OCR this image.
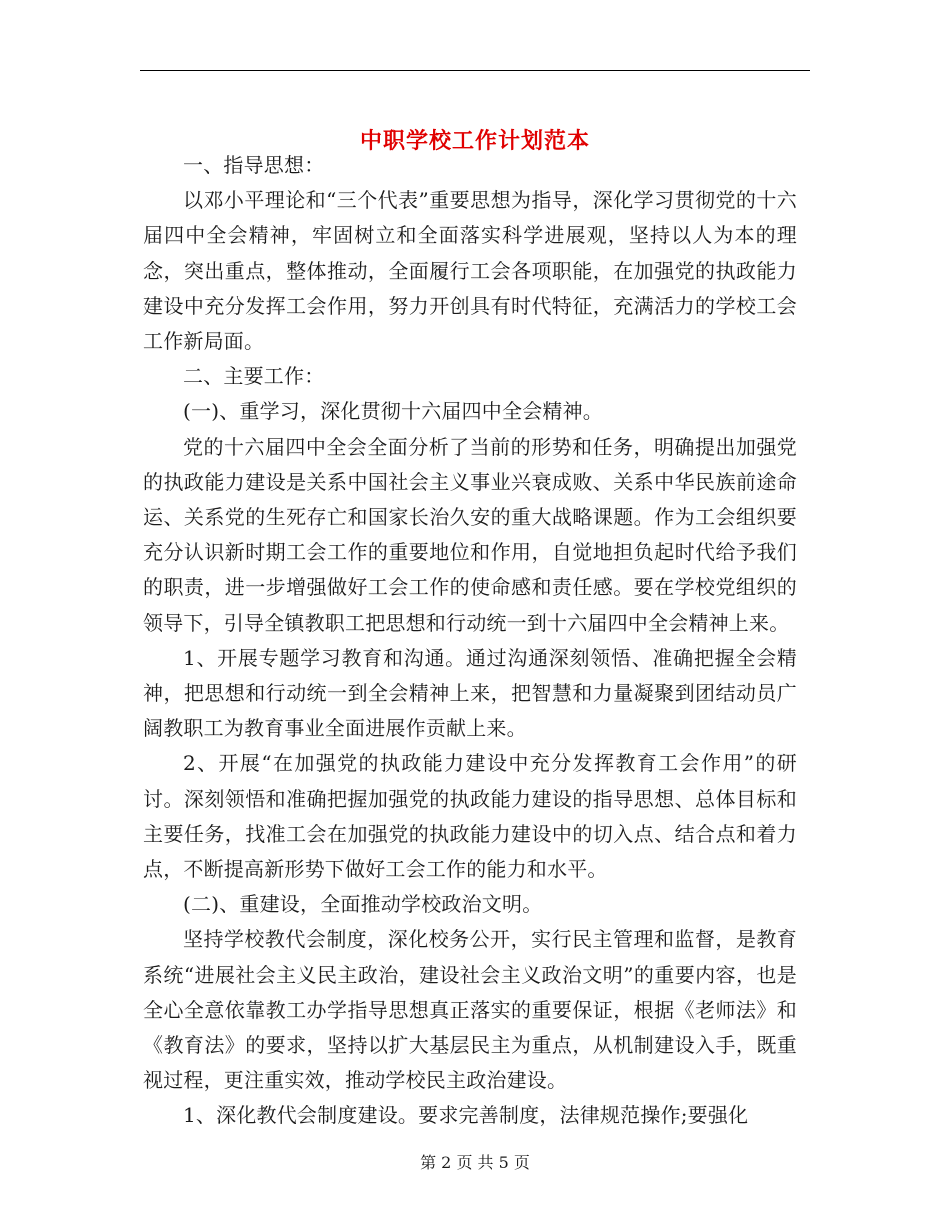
中职学校工作计划范本

一、指导思想：

以邓小平理论和“三个代表”重要思想为指导，深化学习贯彻党的十六届四中全会精神，牢固树立和全面落实科学进展观，坚持以人为本的理念，突出重点，整体推动，全面履行工会各项职能，在加强党的执政能力建设中充分发挥工会作用，努力开创具有时代特征，充满活力的学校工会工作新局面。

二、主要工作：

(一)、重学习，深化贯彻十六届四中全会精神。

党的十六届四中全会全面分析了当前的形势和任务，明确提出加强党的执政能力建设是关系中国社会主义事业兴衰成败、关系中华民族前途命运、关系党的生死存亡和国家长治久安的重大战略课题。作为工会组织要充分认识新时期工会工作的重要地位和作用，自觉地担负起时代给予我们的职责，进一步增强做好工会工作的使命感和责任感。要在学校党组织的领导下，引导全镇教职工把思想和行动统一到十六届四中全会精神上来。

1、开展专题学习教育和沟通。通过沟通深刻领悟、准确把握全会精神，把思想和行动统一到全会精神上来，把智慧和力量凝聚到团结动员广阔教职工为教育事业全面进展作贡献上来。

2、开展“在加强党的执政能力建设中充分发挥教育工会作用”的研讨。深刻领悟和准确把握加强党的执政能力建设的指导思想、总体目标和主要任务，找准工会在加强党的执政能力建设中的切入点、结合点和着力点，不断提高新形势下做好工会工作的能力和水平。

(二)、重建设，全面推动学校政治文明。

坚持学校教代会制度，深化校务公开，实行民主管理和监督，是教育系统“进展社会主义民主政治，建设社会主义政治文明”的重要内容，也是全心全意依靠教工办学指导思想真正落实的重要保证，根据《老师法》和《教育法》的要求，坚持以扩大基层民主为重点，从机制建设入手，既重视过程，更注重实效，推动学校民主政治建设。

1、深化教代会制度建设。要求完善制度，法律规范操作;要强化

第 2 页 共 5 页
